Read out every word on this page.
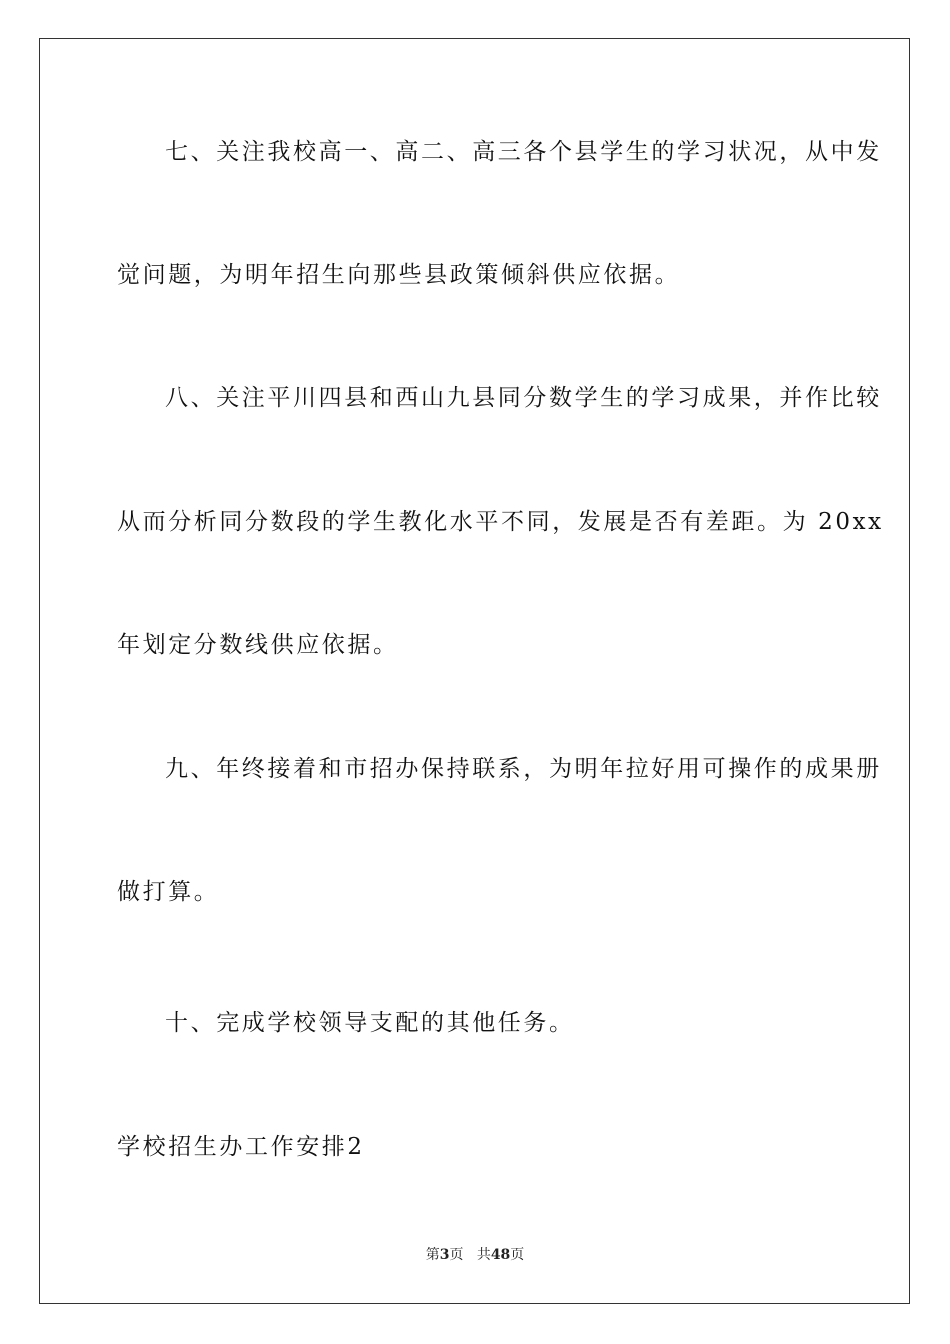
七、关注我校高一、高二、高三各个县学生的学习状况，从中发
觉问题，为明年招生向那些县政策倾斜供应依据。
八、关注平川四县和西山九县同分数学生的学习成果，并作比较
从而分析同分数段的学生教化水平不同，发展是否有差距。为 20xx
年划定分数线供应依据。
九、年终接着和市招办保持联系，为明年拉好用可操作的成果册
做打算。
十、完成学校领导支配的其他任务。
学校招生办工作安排2
第3页 共48页
